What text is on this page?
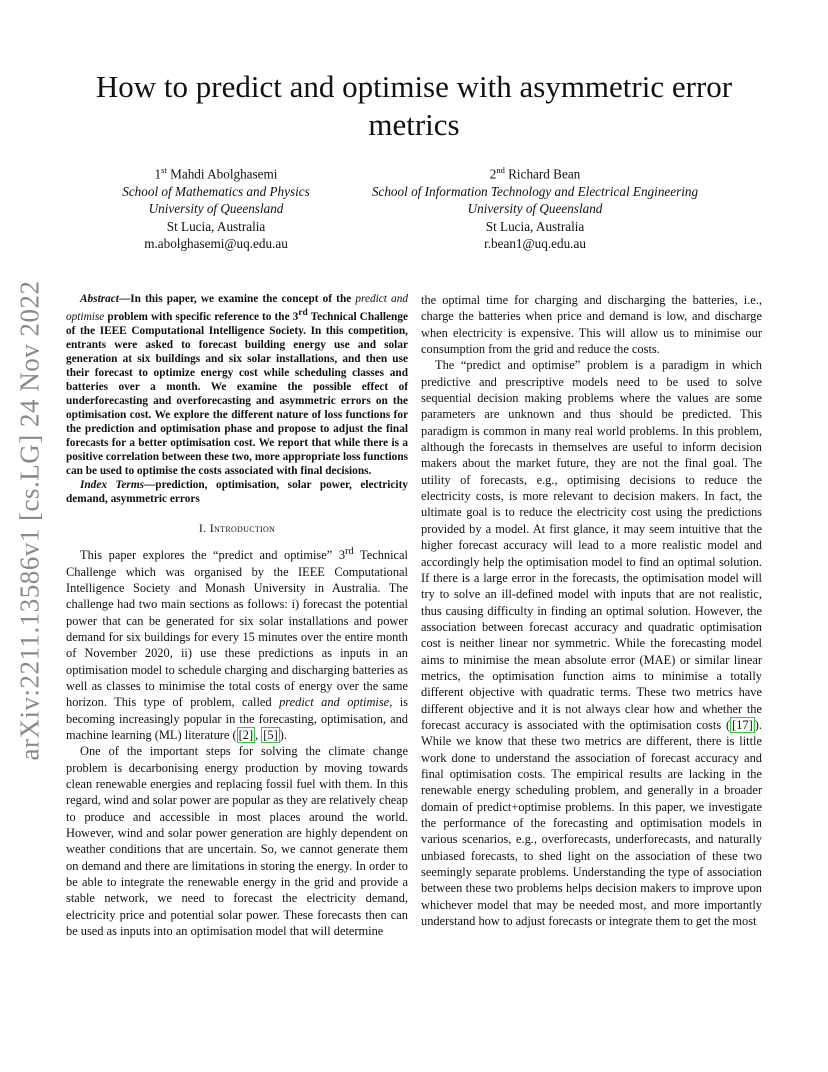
arXiv:2211.13586v1 [cs.LG] 24 Nov 2022
How to predict and optimise with asymmetric error metrics
1st Mahdi Abolghasemi
School of Mathematics and Physics
University of Queensland
St Lucia, Australia
m.abolghasemi@uq.edu.au
2nd Richard Bean
School of Information Technology and Electrical Engineering
University of Queensland
St Lucia, Australia
r.bean1@uq.edu.au

Abstract—In this paper, we examine the concept of the predict and optimise problem with specific reference to the 3rd Technical Challenge of the IEEE Computational Intelligence Society. In this competition, entrants were asked to forecast building energy use and solar generation at six buildings and six solar installations, and then use their forecast to optimize energy cost while scheduling classes and batteries over a month. We examine the possible effect of underforecasting and overforecasting and asymmetric errors on the optimisation cost. We explore the different nature of loss functions for the prediction and optimisation phase and propose to adjust the final forecasts for a better optimisation cost. We report that while there is a positive correlation between these two, more appropriate loss functions can be used to optimise the costs associated with final decisions.

Index Terms—prediction, optimisation, solar power, electricity demand, asymmetric errors

I. Introduction

This paper explores the “predict and optimise” 3rd Technical Challenge which was organised by the IEEE Computational Intelligence Society and Monash University in Australia. The challenge had two main sections as follows: i) forecast the potential power that can be generated for six solar installations and power demand for six buildings for every 15 minutes over the entire month of November 2020, ii) use these predictions as inputs in an optimisation model to schedule charging and discharging batteries as well as classes to minimise the total costs of energy over the same horizon. This type of problem, called predict and optimise, is becoming increasingly popular in the forecasting, optimisation, and machine learning (ML) literature ( [2] , [5] ).

One of the important steps for solving the climate change problem is decarbonising energy production by moving towards clean renewable energies and replacing fossil fuel with them. In this regard, wind and solar power are popular as they are relatively cheap to produce and accessible in most places around the world. However, wind and solar power generation are highly dependent on weather conditions that are uncertain. So, we cannot generate them on demand and there are limitations in storing the energy. In order to be able to integrate the renewable energy in the grid and provide a stable network, we need to forecast the electricity demand, electricity price and potential solar power. These forecasts then can be used as inputs into an optimisation model that will determine

the optimal time for charging and discharging the batteries, i.e., charge the batteries when price and demand is low, and discharge when electricity is expensive. This will allow us to minimise our consumption from the grid and reduce the costs.

The “predict and optimise” problem is a paradigm in which predictive and prescriptive models need to be used to solve sequential decision making problems where the values are some parameters are unknown and thus should be predicted. This paradigm is common in many real world problems. In this problem, although the forecasts in themselves are useful to inform decision makers about the market future, they are not the final goal. The utility of forecasts, e.g., optimising decisions to reduce the electricity costs, is more relevant to decision makers. In fact, the ultimate goal is to reduce the electricity cost using the predictions provided by a model. At first glance, it may seem intuitive that the higher forecast accuracy will lead to a more realistic model and accordingly help the optimisation model to find an optimal solution. If there is a large error in the forecasts, the optimisation model will try to solve an ill-defined model with inputs that are not realistic, thus causing difficulty in finding an optimal solution. However, the association between forecast accuracy and quadratic optimisation cost is neither linear nor symmetric. While the forecasting model aims to minimise the mean absolute error (MAE) or similar linear metrics, the optimisation function aims to minimise a totally different objective with quadratic terms. These two metrics have different objective and it is not always clear how and whether the forecast accuracy is associated with the optimisation costs ( [17] ). While we know that these two metrics are different, there is little work done to understand the association of forecast accuracy and final optimisation costs. The empirical results are lacking in the renewable energy scheduling problem, and generally in a broader domain of predict+optimise problems. In this paper, we investigate the performance of the forecasting and optimisation models in various scenarios, e.g., overforecasts, underforecasts, and naturally unbiased forecasts, to shed light on the association of these two seemingly separate problems. Understanding the type of association between these two problems helps decision makers to improve upon whichever model that may be needed most, and more importantly understand how to adjust forecasts or integrate them to get the most
